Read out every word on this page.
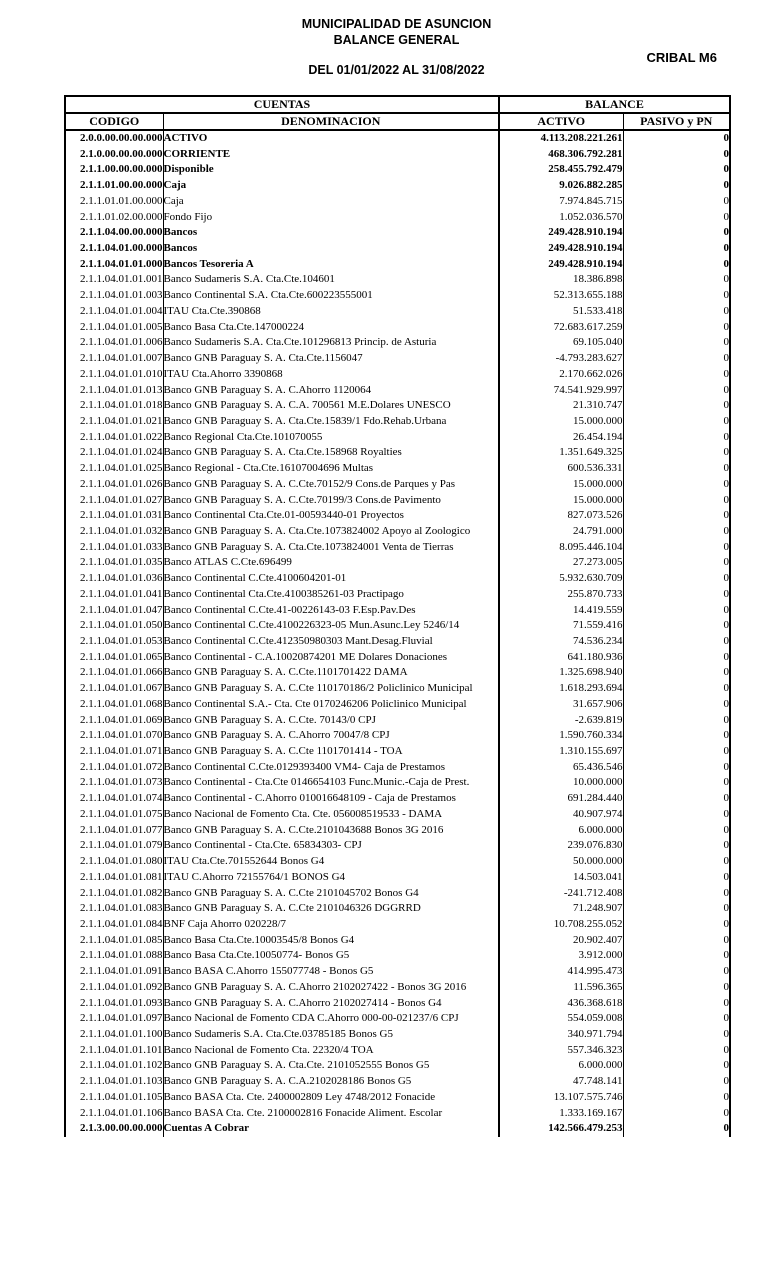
MUNICIPALIDAD DE ASUNCION
BALANCE GENERAL
DEL 01/01/2022 AL 31/08/2022
CRIBAL M6
CUENTAS		BALANCE	
CODIGO	DENOMINACION	ACTIVO	PASIVO y PN
2.0.0.00.00.00.000	ACTIVO	4.113.208.221.261	0
2.1.0.00.00.00.000	CORRIENTE	468.306.792.281	0
2.1.1.00.00.00.000	Disponible	258.455.792.479	0
2.1.1.01.00.00.000	Caja	9.026.882.285	0
2.1.1.01.01.00.000	Caja	7.974.845.715	0
2.1.1.01.02.00.000	Fondo Fijo	1.052.036.570	0
2.1.1.04.00.00.000	Bancos	249.428.910.194	0
2.1.1.04.01.00.000	Bancos	249.428.910.194	0
2.1.1.04.01.01.000	Bancos Tesoreria A	249.428.910.194	0
2.1.1.04.01.01.001	Banco Sudameris S.A. Cta.Cte.104601	18.386.898	0
2.1.1.04.01.01.003	Banco Continental S.A. Cta.Cte.600223555001	52.313.655.188	0
2.1.1.04.01.01.004	ITAU Cta.Cte.390868	51.533.418	0
2.1.1.04.01.01.005	Banco Basa Cta.Cte.147000224	72.683.617.259	0
2.1.1.04.01.01.006	Banco Sudameris S.A. Cta.Cte.101296813 Princip. de Asturia	69.105.040	0
2.1.1.04.01.01.007	Banco GNB Paraguay S. A. Cta.Cte.1156047	-4.793.283.627	0
2.1.1.04.01.01.010	ITAU Cta.Ahorro 3390868	2.170.662.026	0
2.1.1.04.01.01.013	Banco GNB Paraguay S. A. C.Ahorro 1120064	74.541.929.997	0
2.1.1.04.01.01.018	Banco GNB Paraguay S. A. C.A. 700561 M.E.Dolares UNESCO	21.310.747	0
2.1.1.04.01.01.021	Banco GNB Paraguay S. A. Cta.Cte.15839/1 Fdo.Rehab.Urbana	15.000.000	0
2.1.1.04.01.01.022	Banco Regional Cta.Cte.101070055	26.454.194	0
2.1.1.04.01.01.024	Banco GNB Paraguay S. A. Cta.Cte.158968 Royalties	1.351.649.325	0
2.1.1.04.01.01.025	Banco Regional - Cta.Cte.16107004696 Multas	600.536.331	0
2.1.1.04.01.01.026	Banco GNB Paraguay S. A. C.Cte.70152/9 Cons.de Parques y Pas	15.000.000	0
2.1.1.04.01.01.027	Banco GNB Paraguay S. A. C.Cte.70199/3 Cons.de Pavimento	15.000.000	0
2.1.1.04.01.01.031	Banco Continental Cta.Cte.01-00593440-01 Proyectos	827.073.526	0
2.1.1.04.01.01.032	Banco GNB Paraguay S. A. Cta.Cte.1073824002 Apoyo al Zoologico	24.791.000	0
2.1.1.04.01.01.033	Banco GNB Paraguay S. A. Cta.Cte.1073824001 Venta de Tierras	8.095.446.104	0
2.1.1.04.01.01.035	Banco ATLAS C.Cte.696499	27.273.005	0
2.1.1.04.01.01.036	Banco Continental C.Cte.4100604201-01	5.932.630.709	0
2.1.1.04.01.01.041	Banco Continental Cta.Cte.4100385261-03 Practipago	255.870.733	0
2.1.1.04.01.01.047	Banco Continental C.Cte.41-00226143-03 F.Esp.Pav.Des	14.419.559	0
2.1.1.04.01.01.050	Banco Continental C.Cte.4100226323-05 Mun.Asunc.Ley 5246/14	71.559.416	0
2.1.1.04.01.01.053	Banco Continental C.Cte.412350980303 Mant.Desag.Fluvial	74.536.234	0
2.1.1.04.01.01.065	Banco Continental - C.A.10020874201 ME Dolares Donaciones	641.180.936	0
2.1.1.04.01.01.066	Banco GNB Paraguay S. A. C.Cte.1101701422 DAMA	1.325.698.940	0
2.1.1.04.01.01.067	Banco GNB Paraguay S. A. C.Cte 110170186/2 Policlinico Municipal	1.618.293.694	0
2.1.1.04.01.01.068	Banco Continental S.A.- Cta. Cte 0170246206 Policlinico Municipal	31.657.906	0
2.1.1.04.01.01.069	Banco GNB Paraguay S. A. C.Cte. 70143/0 CPJ	-2.639.819	0
2.1.1.04.01.01.070	Banco GNB Paraguay S. A. C.Ahorro 70047/8 CPJ	1.590.760.334	0
2.1.1.04.01.01.071	Banco GNB Paraguay S. A. C.Cte 1101701414 - TOA	1.310.155.697	0
2.1.1.04.01.01.072	Banco Continental C.Cte.0129393400 VM4- Caja de Prestamos	65.436.546	0
2.1.1.04.01.01.073	Banco Continental - Cta.Cte 0146654103 Func.Munic.-Caja de Prest.	10.000.000	0
2.1.1.04.01.01.074	Banco Continental - C.Ahorro 010016648109 - Caja de Prestamos	691.284.440	0
2.1.1.04.01.01.075	Banco Nacional de Fomento Cta. Cte. 056008519533 - DAMA	40.907.974	0
2.1.1.04.01.01.077	Banco GNB Paraguay S. A. C.Cte.2101043688 Bonos 3G 2016	6.000.000	0
2.1.1.04.01.01.079	Banco Continental - Cta.Cte. 65834303- CPJ	239.076.830	0
2.1.1.04.01.01.080	ITAU Cta.Cte.701552644 Bonos G4	50.000.000	0
2.1.1.04.01.01.081	ITAU C.Ahorro 72155764/1 BONOS G4	14.503.041	0
2.1.1.04.01.01.082	Banco GNB Paraguay S. A. C.Cte 2101045702 Bonos G4	-241.712.408	0
2.1.1.04.01.01.083	Banco GNB Paraguay S. A. C.Cte 2101046326 DGGRRD	71.248.907	0
2.1.1.04.01.01.084	BNF Caja Ahorro 020228/7	10.708.255.052	0
2.1.1.04.01.01.085	Banco Basa Cta.Cte.10003545/8 Bonos G4	20.902.407	0
2.1.1.04.01.01.088	Banco Basa Cta.Cte.10050774- Bonos G5	3.912.000	0
2.1.1.04.01.01.091	Banco BASA C.Ahorro 155077748 - Bonos G5	414.995.473	0
2.1.1.04.01.01.092	Banco GNB Paraguay S. A. C.Ahorro 2102027422 - Bonos 3G 2016	11.596.365	0
2.1.1.04.01.01.093	Banco GNB Paraguay S. A. C.Ahorro 2102027414 - Bonos G4	436.368.618	0
2.1.1.04.01.01.097	Banco Nacional de Fomento CDA C.Ahorro 000-00-021237/6 CPJ	554.059.008	0
2.1.1.04.01.01.100	Banco Sudameris S.A. Cta.Cte.03785185 Bonos G5	340.971.794	0
2.1.1.04.01.01.101	Banco Nacional de Fomento Cta. 22320/4 TOA	557.346.323	0
2.1.1.04.01.01.102	Banco GNB Paraguay S. A. Cta.Cte. 2101052555 Bonos G5	6.000.000	0
2.1.1.04.01.01.103	Banco GNB Paraguay S. A. C.A.2102028186 Bonos G5	47.748.141	0
2.1.1.04.01.01.105	Banco BASA Cta. Cte. 2400002809 Ley 4748/2012 Fonacide	13.107.575.746	0
2.1.1.04.01.01.106	Banco BASA Cta. Cte. 2100002816 Fonacide Aliment. Escolar	1.333.169.167	0
2.1.3.00.00.00.000	Cuentas A Cobrar	142.566.479.253	0
